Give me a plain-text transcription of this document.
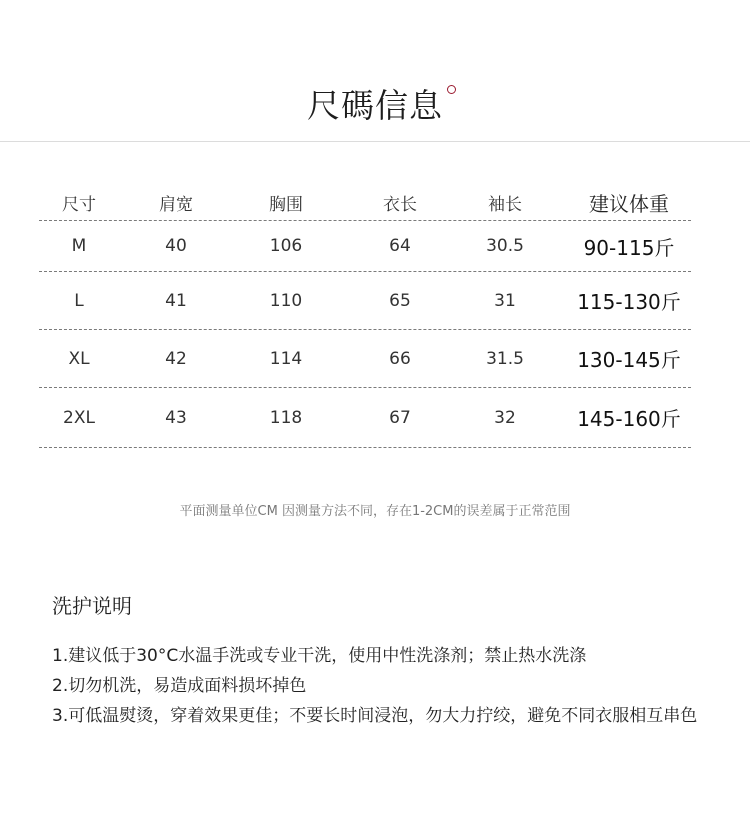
尺碼信息
尺寸	肩宽	胸围	衣长	袖长	建议体重
M	40	106	64	30.5	90-115斤
L	41	110	65	31	115-130斤
XL	42	114	66	31.5	130-145斤
2XL	43	118	67	32	145-160斤
平面测量单位CM 因测量方法不同，存在1-2CM的误差属于正常范围
洗护说明
1.建议低于30°C水温手洗或专业干洗，使用中性洗涤剂；禁止热水洗涤
2.切勿机洗，易造成面料损坏掉色
3.可低温熨烫，穿着效果更佳；不要长时间浸泡，勿大力拧绞，避免不同衣服相互串色
